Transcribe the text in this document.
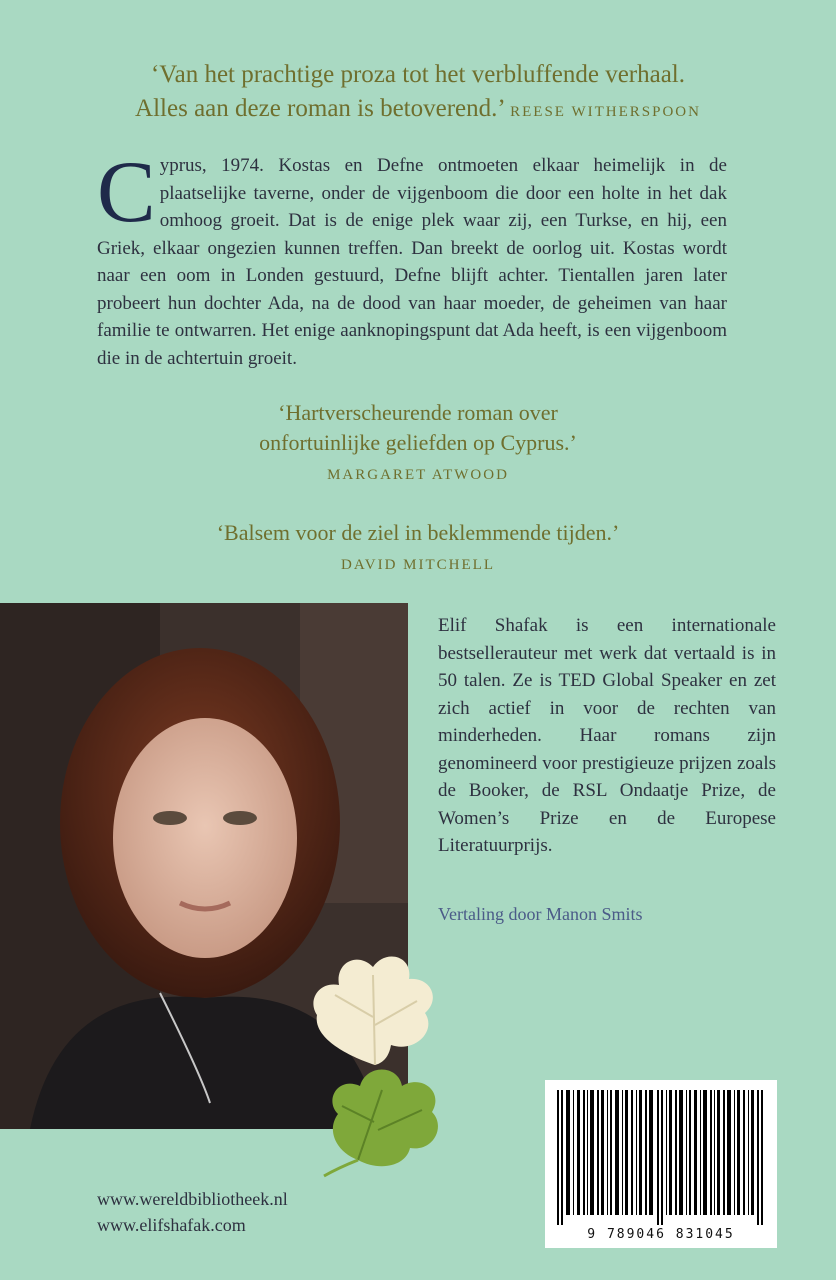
‘Van het prachtige proza tot het verbluffende verhaal.
Alles aan deze roman is betoverend.’ REESE WITHERSPOON
Cyprus, 1974. Kostas en Defne ontmoeten elkaar heimelijk in de plaatselijke taverne, onder de vijgenboom die door een holte in het dak omhoog groeit. Dat is de enige plek waar zij, een Turkse, en hij, een Griek, elkaar ongezien kunnen treffen. Dan breekt de oorlog uit. Kostas wordt naar een oom in Londen gestuurd, Defne blijft achter. Tientallen jaren later probeert hun dochter Ada, na de dood van haar moeder, de geheimen van haar familie te ontwarren. Het enige aanknopingspunt dat Ada heeft, is een vijgenboom die in de achtertuin groeit.
‘Hartverscheurende roman over
onfortuinlijke geliefden op Cyprus.’
MARGARET ATWOOD
‘Balsem voor de ziel in beklemmende tijden.’
DAVID MITCHELL
Elif Shafak is een internationale bestsellerauteur met werk dat vertaald is in 50 talen. Ze is TED Global Speaker en zet zich actief in voor de rechten van minderheden. Haar romans zijn genomineerd voor prestigieuze prijzen zoals de Booker, de RSL Ondaatje Prize, de Women’s Prize en de Europese Literatuurprijs.
Vertaling door Manon Smits
9 789046 831045
www.wereldbibliotheek.nl
www.elifshafak.com
